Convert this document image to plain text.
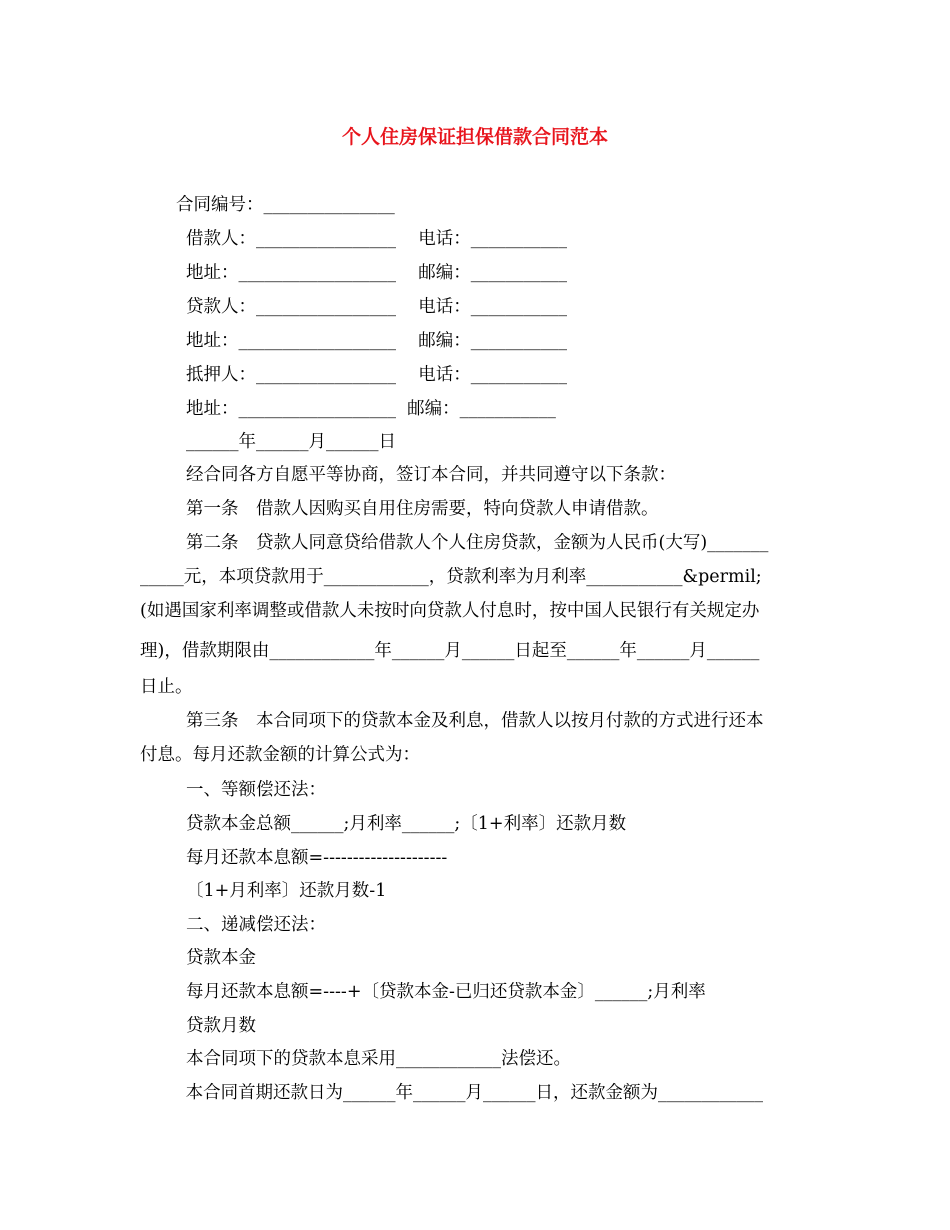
个人住房保证担保借款合同范本
合同编号：_______________
借款人：________________    电话：___________
地址：__________________    邮编：___________
贷款人：________________    电话：___________
地址：__________________    邮编：___________
抵押人：________________    电话：___________
地址：__________________  邮编：___________
______年______月______日
经合同各方自愿平等协商，签订本合同，并共同遵守以下条款：
第一条　借款人因购买自用住房需要，特向贷款人申请借款。
第二条　贷款人同意贷给借款人个人住房贷款，金额为人民币(大写)_______
_____元，本项贷款用于____________，贷款利率为月利率___________&permil;
(如遇国家利率调整或借款人未按时向贷款人付息时，按中国人民银行有关规定办
理)，借款期限由____________年______月______日起至______年______月______
日止。
第三条　本合同项下的贷款本金及利息，借款人以按月付款的方式进行还本
付息。每月还款金额的计算公式为：
一、等额偿还法：
贷款本金总额______;月利率______;〔1+利率〕还款月数
每月还款本息额=---------------------
〔1+月利率〕还款月数-1
二、递减偿还法：
贷款本金
每月还款本息额=----+〔贷款本金-已归还贷款本金〕______;月利率
贷款月数
本合同项下的贷款本息采用____________法偿还。
本合同首期还款日为______年______月______日，还款金额为____________
